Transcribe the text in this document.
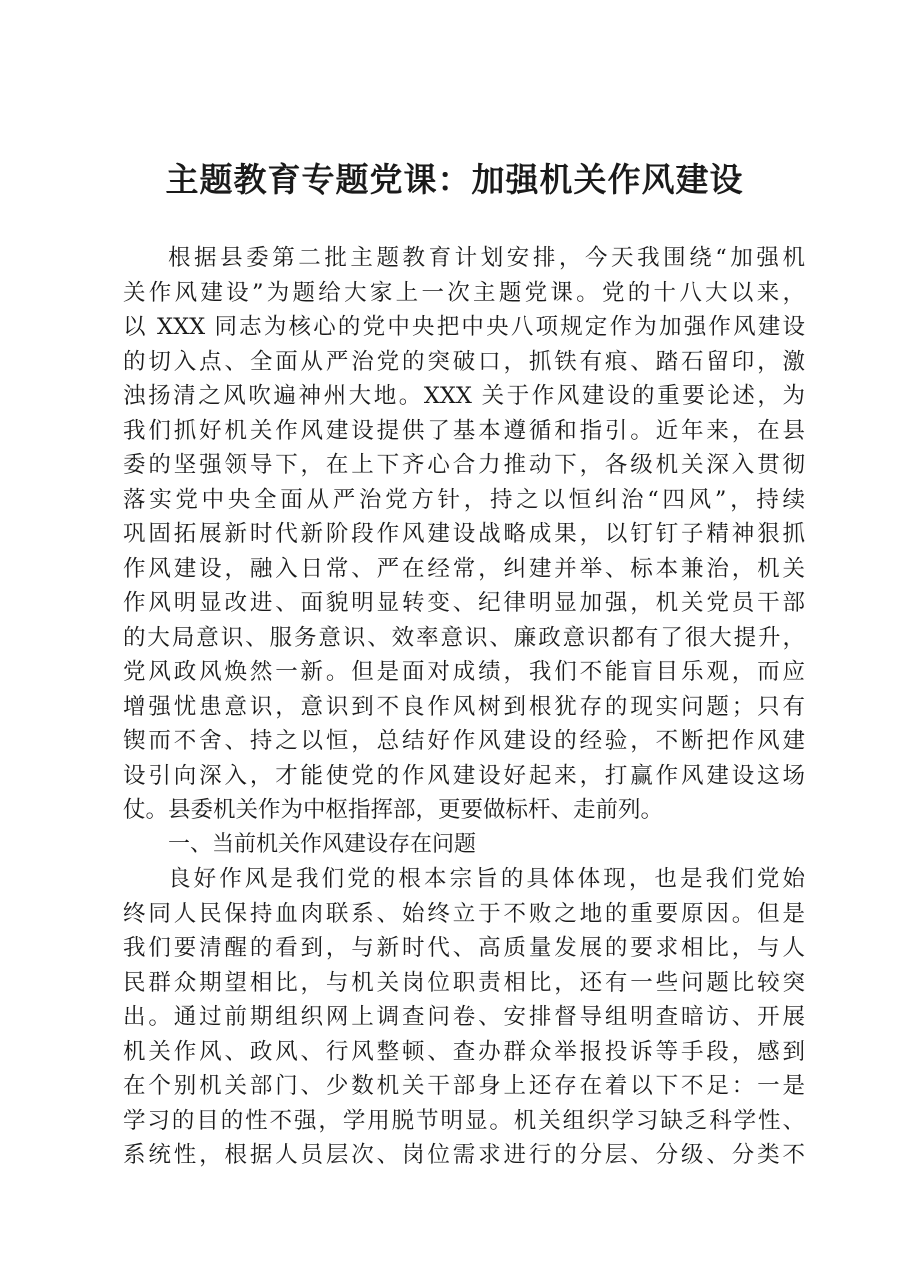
主题教育专题党课：加强机关作风建设
根据县委第二批主题教育计划安排，今天我围绕“加强机
关作风建设”为题给大家上一次主题党课。党的十八大以来，
以 XXX 同志为核心的党中央把中央八项规定作为加强作风建设
的切入点、全面从严治党的突破口，抓铁有痕、踏石留印，激
浊扬清之风吹遍神州大地。XXX 关于作风建设的重要论述，为
我们抓好机关作风建设提供了基本遵循和指引。近年来，在县
委的坚强领导下，在上下齐心合力推动下，各级机关深入贯彻
落实党中央全面从严治党方针，持之以恒纠治“四风”，持续
巩固拓展新时代新阶段作风建设战略成果，以钉钉子精神狠抓
作风建设，融入日常、严在经常，纠建并举、标本兼治，机关
作风明显改进、面貌明显转变、纪律明显加强，机关党员干部
的大局意识、服务意识、效率意识、廉政意识都有了很大提升，
党风政风焕然一新。但是面对成绩，我们不能盲目乐观，而应
增强忧患意识，意识到不良作风树到根犹存的现实问题；只有
锲而不舍、持之以恒，总结好作风建设的经验，不断把作风建
设引向深入，才能使党的作风建设好起来，打赢作风建设这场
仗。县委机关作为中枢指挥部，更要做标杆、走前列。
一、当前机关作风建设存在问题
良好作风是我们党的根本宗旨的具体体现，也是我们党始
终同人民保持血肉联系、始终立于不败之地的重要原因。但是
我们要清醒的看到，与新时代、高质量发展的要求相比，与人
民群众期望相比，与机关岗位职责相比，还有一些问题比较突
出。通过前期组织网上调查问卷、安排督导组明查暗访、开展
机关作风、政风、行风整顿、查办群众举报投诉等手段，感到
在个别机关部门、少数机关干部身上还存在着以下不足：一是
学习的目的性不强，学用脱节明显。机关组织学习缺乏科学性、
系统性，根据人员层次、岗位需求进行的分层、分级、分类不
